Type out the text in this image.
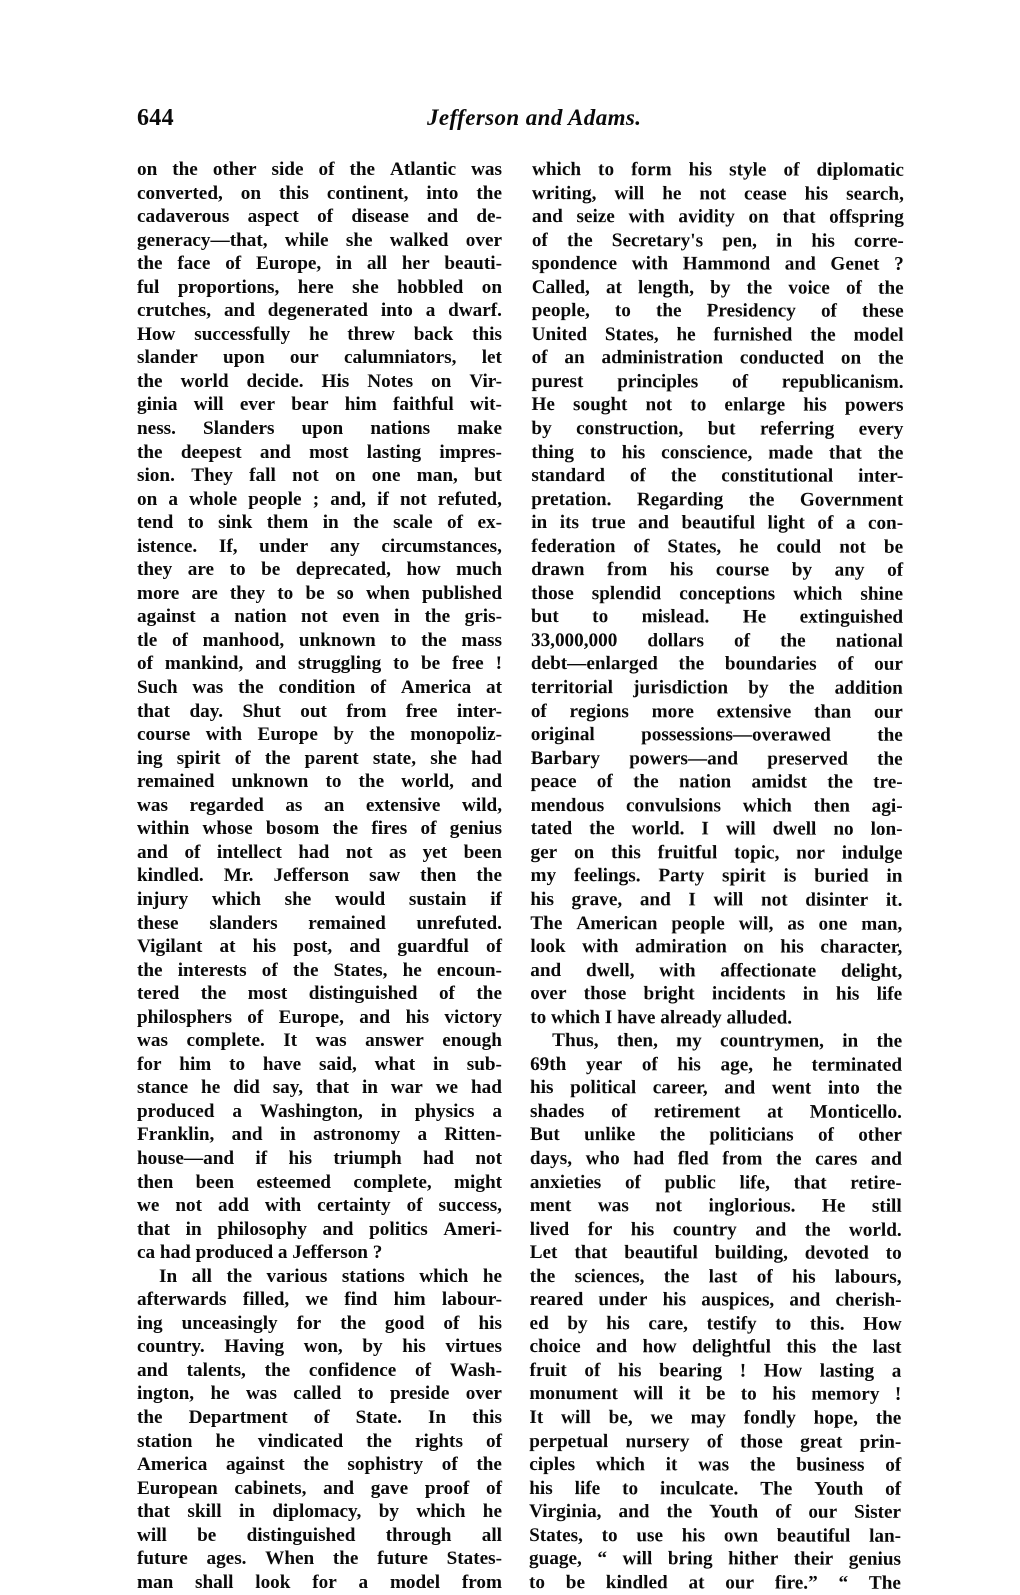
644	Jefferson and Adams.
on the other side of the Atlantic was
converted, on this continent, into the
cadaverous aspect of disease and de-
generacy—that, while she walked over
the face of Europe, in all her beauti-
ful proportions, here she hobbled on
crutches, and degenerated into a dwarf.
How successfully he threw back this
slander upon our calumniators, let
the world decide. His Notes on Vir-
ginia will ever bear him faithful wit-
ness. Slanders upon nations make
the deepest and most lasting impres-
sion. They fall not on one man, but
on a whole people ; and, if not refuted,
tend to sink them in the scale of ex-
istence. If, under any circumstances,
they are to be deprecated, how much
more are they to be so when published
against a nation not even in the gris-
tle of manhood, unknown to the mass
of mankind, and struggling to be free !
Such was the condition of America at
that day. Shut out from free inter-
course with Europe by the monopoliz-
ing spirit of the parent state, she had
remained unknown to the world, and
was regarded as an extensive wild,
within whose bosom the fires of genius
and of intellect had not as yet been
kindled. Mr. Jefferson saw then the
injury which she would sustain if
these slanders remained unrefuted.
Vigilant at his post, and guardful of
the interests of the States, he encoun-
tered the most distinguished of the
philosphers of Europe, and his victory
was complete. It was answer enough
for him to have said, what in sub-
stance he did say, that in war we had
produced a Washington, in physics a
Franklin, and in astronomy a Ritten-
house—and if his triumph had not
then been esteemed complete, might
we not add with certainty of success,
that in philosophy and politics Ameri-
ca had produced a Jefferson ?
In all the various stations which he
afterwards filled, we find him labour-
ing unceasingly for the good of his
country. Having won, by his virtues
and talents, the confidence of Wash-
ington, he was called to preside over
the Department of State. In this
station he vindicated the rights of
America against the sophistry of the
European cabinets, and gave proof of
that skill in diplomacy, by which he
will be distinguished through all
future ages. When the future States-
man shall look for a model from
which to form his style of diplomatic
writing, will he not cease his search,
and seize with avidity on that offspring
of the Secretary's pen, in his corre-
spondence with Hammond and Genet ?
Called, at length, by the voice of the
people, to the Presidency of these
United States, he furnished the model
of an administration conducted on the
purest principles of republicanism.
He sought not to enlarge his powers
by construction, but referring every
thing to his conscience, made that the
standard of the constitutional inter-
pretation. Regarding the Government
in its true and beautiful light of a con-
federation of States, he could not be
drawn from his course by any of
those splendid conceptions which shine
but to mislead. He extinguished
33,000,000 dollars of the national
debt—enlarged the boundaries of our
territorial jurisdiction by the addition
of regions more extensive than our
original possessions—overawed the
Barbary powers—and preserved the
peace of the nation amidst the tre-
mendous convulsions which then agi-
tated the world. I will dwell no lon-
ger on this fruitful topic, nor indulge
my feelings. Party spirit is buried in
his grave, and I will not disinter it.
The American people will, as one man,
look with admiration on his character,
and dwell, with affectionate delight,
over those bright incidents in his life
to which I have already alluded.
Thus, then, my countrymen, in the
69th year of his age, he terminated
his political career, and went into the
shades of retirement at Monticello.
But unlike the politicians of other
days, who had fled from the cares and
anxieties of public life, that retire-
ment was not inglorious. He still
lived for his country and the world.
Let that beautiful building, devoted to
the sciences, the last of his labours,
reared under his auspices, and cherish-
ed by his care, testify to this. How
choice and how delightful this the last
fruit of his bearing ! How lasting a
monument will it be to his memory !
It will be, we may fondly hope, the
perpetual nursery of those great prin-
ciples which it was the business of
his life to inculcate. The Youth of
Virginia, and the Youth of our Sister
States, to use his own beautiful lan-
guage, “ will bring hither their genius
to be kindled at our fire.” “ The
